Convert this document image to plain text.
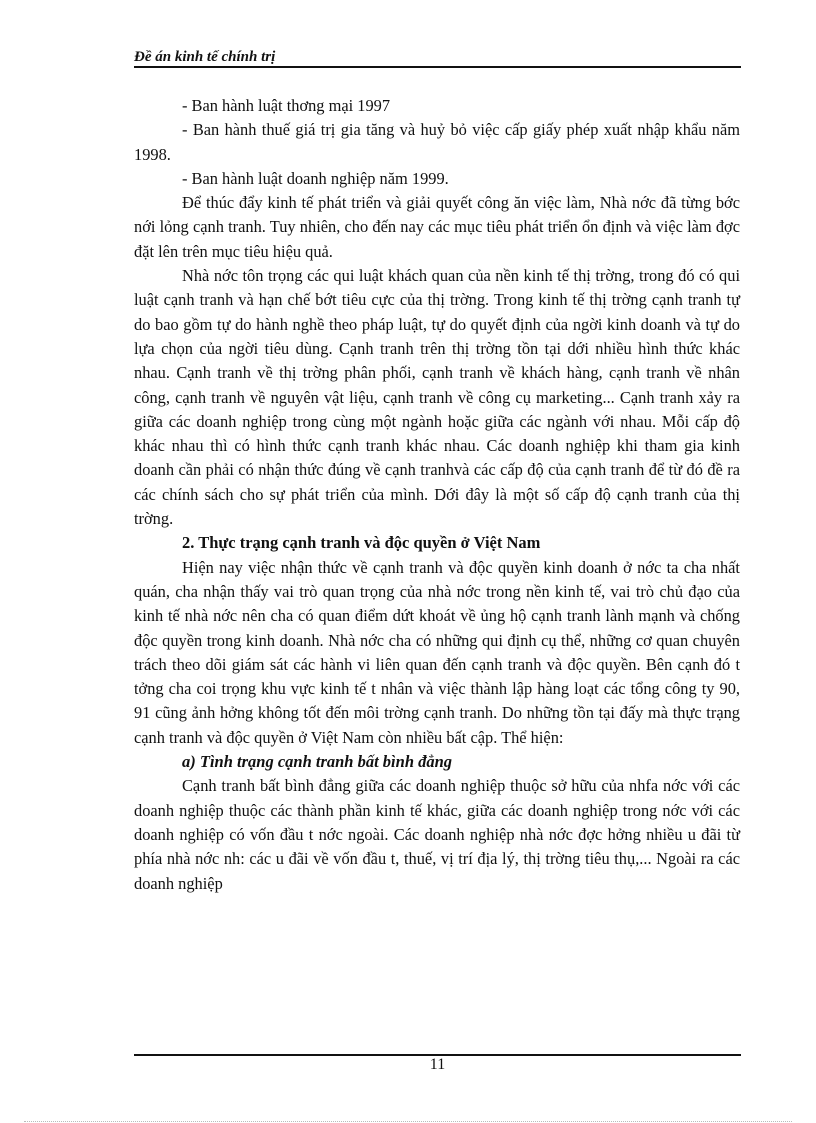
Đề án kinh tế chính trị

- Ban hành luật thơng mại 1997

- Ban hành thuế giá trị gia tăng và huỷ bỏ việc cấp giấy phép xuất nhập khẩu năm 1998.

- Ban hành luật doanh nghiệp năm 1999.

Để thúc đẩy kinh tế phát triển và giải quyết công ăn việc làm, Nhà nớc đã từng bớc nới lỏng cạnh tranh. Tuy nhiên, cho đến nay các mục tiêu phát triển ổn định và việc làm đợc đặt lên trên mục tiêu hiệu quả.

Nhà nớc tôn trọng các qui luật khách quan của nền kinh tế thị trờng, trong đó có qui luật cạnh tranh và hạn chế bớt tiêu cực của thị trờng. Trong kinh tế thị trờng cạnh tranh tự do bao gồm tự do hành nghề theo pháp luật, tự do quyết định của ngời kinh doanh và tự do lựa chọn của ngời tiêu dùng. Cạnh tranh trên thị trờng tồn tại dới nhiều hình thức khác nhau. Cạnh tranh về thị trờng phân phối, cạnh tranh về khách hàng, cạnh tranh về nhân công, cạnh tranh về nguyên vật liệu, cạnh tranh về công cụ marketing... Cạnh tranh xảy ra giữa các doanh nghiệp trong cùng một ngành hoặc giữa các ngành với nhau. Mỗi cấp độ khác nhau thì có hình thức cạnh tranh khác nhau. Các doanh nghiệp khi tham gia kinh doanh cần phải có nhận thức đúng về cạnh tranhvà các cấp độ của cạnh tranh để từ đó đề ra các chính sách cho sự phát triển của mình. Dới đây là một số cấp độ cạnh tranh của thị trờng.

2. Thực trạng cạnh tranh và độc quyền ở Việt Nam

Hiện nay việc nhận thức về cạnh tranh và độc quyền kinh doanh ở nớc ta cha nhất quán, cha nhận thấy vai trò quan trọng của nhà nớc trong nền kinh tế, vai trò chủ đạo của kinh tế nhà nớc nên cha có quan điểm dứt khoát về ủng hộ cạnh tranh lành mạnh và chống độc quyền trong kinh doanh. Nhà nớc cha có những qui định cụ thể, những cơ quan chuyên trách theo dõi giám sát các hành vi liên quan đến cạnh tranh và độc quyền. Bên cạnh đó t tởng cha coi trọng khu vực kinh tế t nhân và việc thành lập hàng loạt các tổng công ty 90, 91 cũng ảnh hởng không tốt đến môi trờng cạnh tranh. Do những tồn tại đấy mà thực trạng cạnh tranh và độc quyền ở Việt Nam còn nhiều bất cập. Thể hiện:

a) Tình trạng cạnh tranh bất bình đẳng

Cạnh tranh bất bình đẳng giữa các doanh nghiệp thuộc sở hữu của nhfa nớc với các doanh nghiệp thuộc các thành phần kinh tế khác, giữa các doanh nghiệp trong nớc với các doanh nghiệp có vốn đầu t nớc ngoài. Các doanh nghiệp nhà nớc đợc hởng nhiều u đãi từ phía nhà nớc nh: các u đãi về vốn đầu t, thuế, vị trí địa lý, thị trờng tiêu thụ,... Ngoài ra các doanh nghiệp

11
